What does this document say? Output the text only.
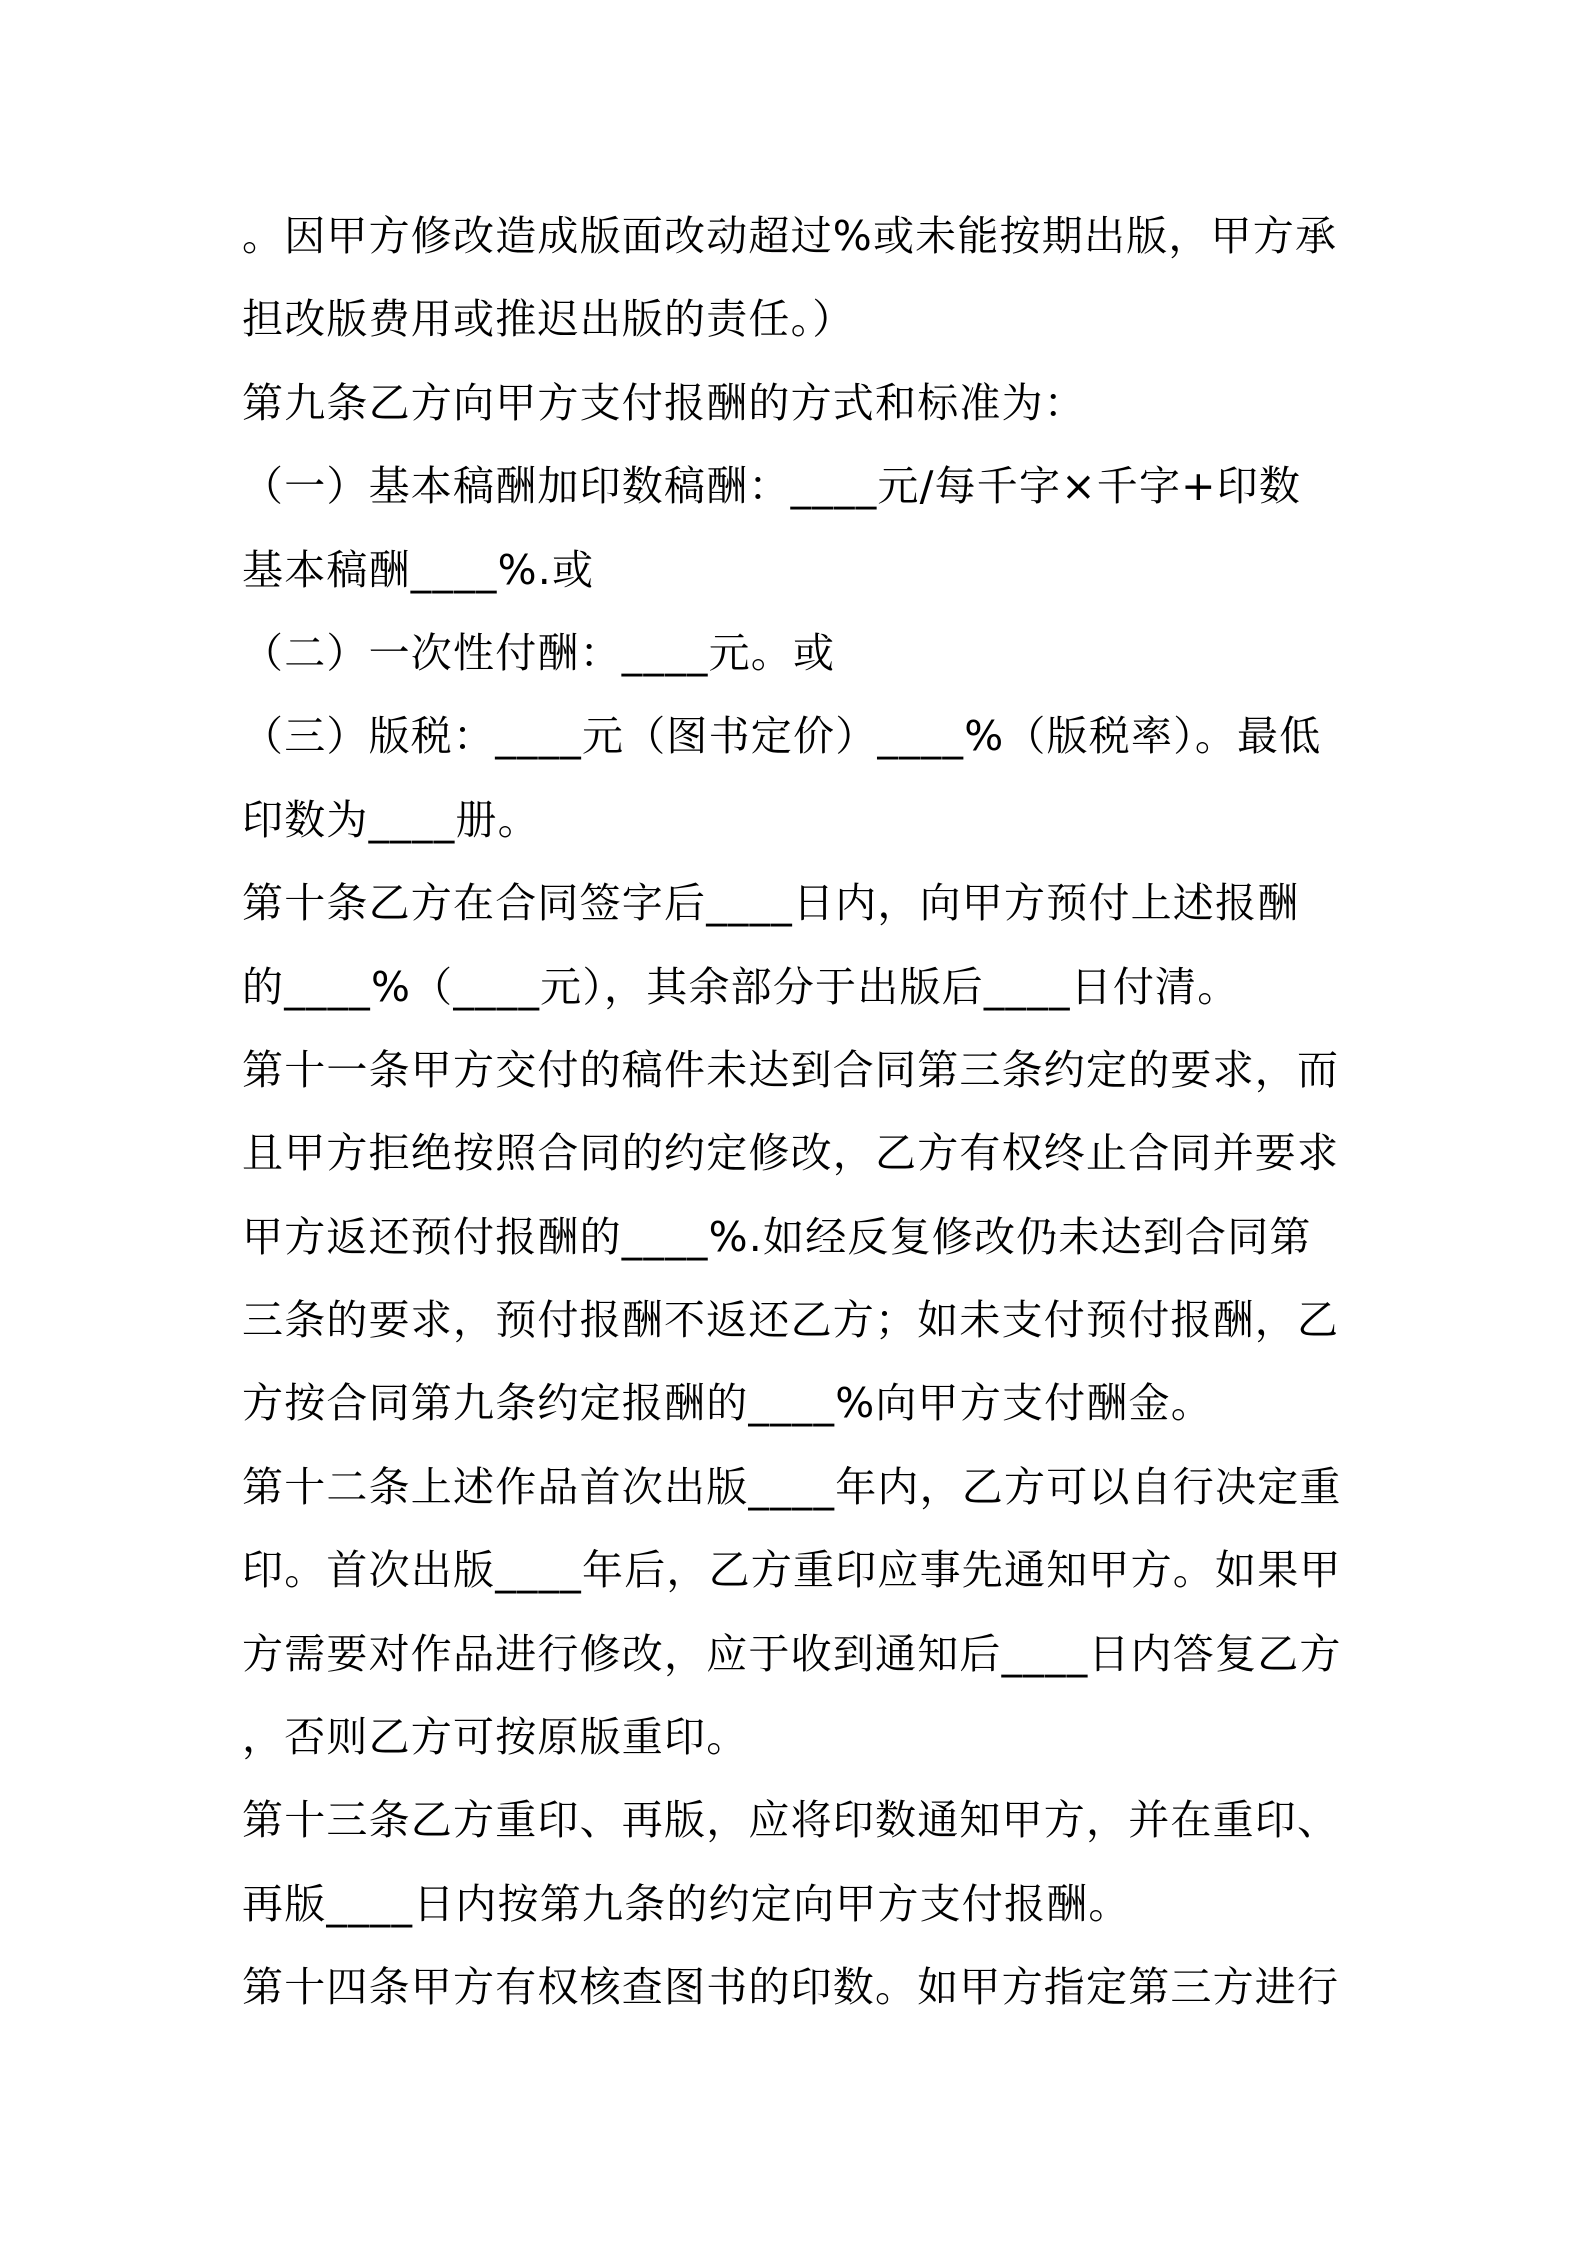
。因甲方修改造成版面改动超过%或未能按期出版，甲方承
担改版费用或推迟出版的责任。）
第九条乙方向甲方支付报酬的方式和标准为：
（一）基本稿酬加印数稿酬：____元/每千字×千字+印数
基本稿酬____%.或
（二）一次性付酬：____元。或
（三）版税：____元（图书定价）____%（版税率）。最低
印数为____册。
第十条乙方在合同签字后____日内，向甲方预付上述报酬
的____%（____元），其余部分于出版后____日付清。
第十一条甲方交付的稿件未达到合同第三条约定的要求，而
且甲方拒绝按照合同的约定修改，乙方有权终止合同并要求
甲方返还预付报酬的____%.如经反复修改仍未达到合同第
三条的要求，预付报酬不返还乙方；如未支付预付报酬，乙
方按合同第九条约定报酬的____%向甲方支付酬金。
第十二条上述作品首次出版____年内，乙方可以自行决定重
印。首次出版____年后，乙方重印应事先通知甲方。如果甲
方需要对作品进行修改，应于收到通知后____日内答复乙方
，否则乙方可按原版重印。
第十三条乙方重印、再版，应将印数通知甲方，并在重印、
再版____日内按第九条的约定向甲方支付报酬。
第十四条甲方有权核查图书的印数。如甲方指定第三方进行
